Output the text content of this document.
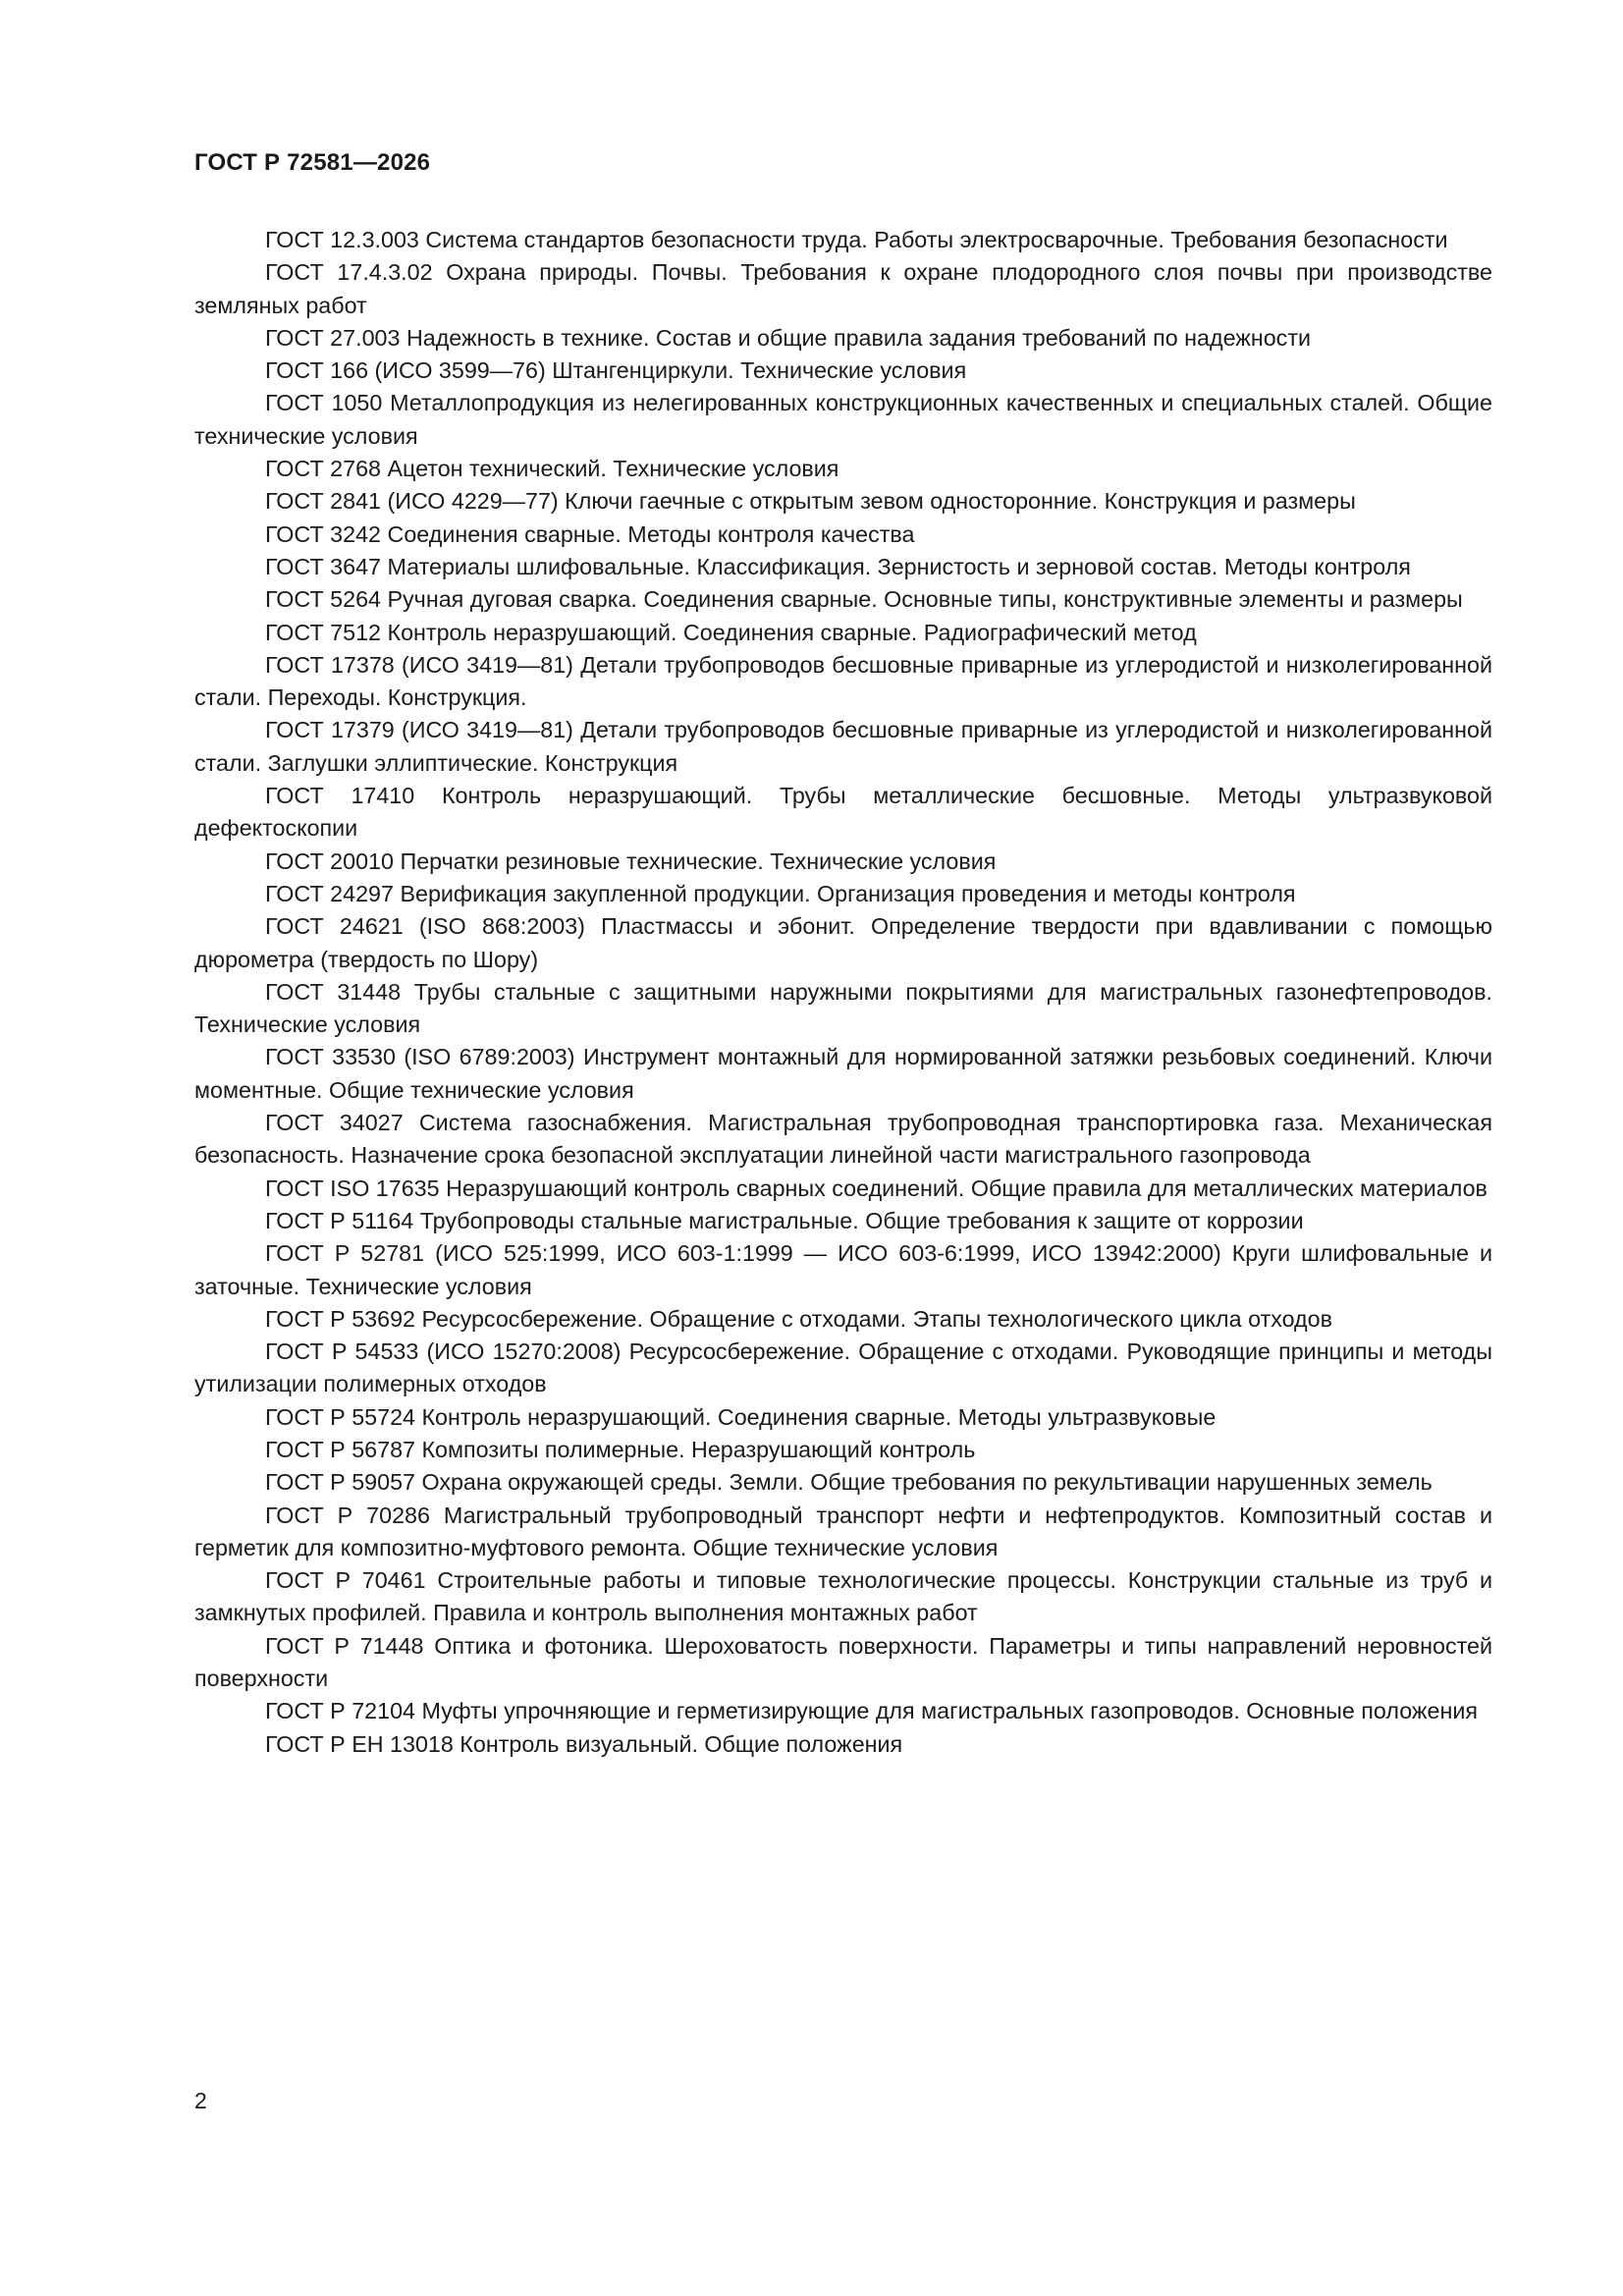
ГОСТ Р 72581—2026

ГОСТ 12.3.003 Система стандартов безопасности труда. Работы электросварочные. Требования безопасности

ГОСТ 17.4.3.02 Охрана природы. Почвы. Требования к охране плодородного слоя почвы при производстве земляных работ

ГОСТ 27.003 Надежность в технике. Состав и общие правила задания требований по надежности

ГОСТ 166 (ИСО 3599—76) Штангенциркули. Технические условия

ГОСТ 1050 Металлопродукция из нелегированных конструкционных качественных и специальных сталей. Общие технические условия

ГОСТ 2768 Ацетон технический. Технические условия

ГОСТ 2841 (ИСО 4229—77) Ключи гаечные с открытым зевом односторонние. Конструкция и размеры

ГОСТ 3242 Соединения сварные. Методы контроля качества

ГОСТ 3647 Материалы шлифовальные. Классификация. Зернистость и зерновой состав. Методы контроля

ГОСТ 5264 Ручная дуговая сварка. Соединения сварные. Основные типы, конструктивные элементы и размеры

ГОСТ 7512 Контроль неразрушающий. Соединения сварные. Радиографический метод

ГОСТ 17378 (ИСО 3419—81) Детали трубопроводов бесшовные приварные из углеродистой и низколегированной стали. Переходы. Конструкция.

ГОСТ 17379 (ИСО 3419—81) Детали трубопроводов бесшовные приварные из углеродистой и низколегированной стали. Заглушки эллиптические. Конструкция

ГОСТ 17410 Контроль неразрушающий. Трубы металлические бесшовные. Методы ультразвуковой дефектоскопии

ГОСТ 20010 Перчатки резиновые технические. Технические условия

ГОСТ 24297 Верификация закупленной продукции. Организация проведения и методы контроля

ГОСТ 24621 (ISO 868:2003) Пластмассы и эбонит. Определение твердости при вдавливании с помощью дюрометра (твердость по Шору)

ГОСТ 31448 Трубы стальные с защитными наружными покрытиями для магистральных газонефтепроводов. Технические условия

ГОСТ 33530 (ISO 6789:2003) Инструмент монтажный для нормированной затяжки резьбовых соединений. Ключи моментные. Общие технические условия

ГОСТ 34027 Система газоснабжения. Магистральная трубопроводная транспортировка газа. Механическая безопасность. Назначение срока безопасной эксплуатации линейной части магистрального газопровода

ГОСТ ISO 17635 Неразрушающий контроль сварных соединений. Общие правила для металлических материалов

ГОСТ Р 51164 Трубопроводы стальные магистральные. Общие требования к защите от коррозии

ГОСТ Р 52781 (ИСО 525:1999, ИСО 603-1:1999 — ИСО 603-6:1999, ИСО 13942:2000) Круги шлифовальные и заточные. Технические условия

ГОСТ Р 53692 Ресурсосбережение. Обращение с отходами. Этапы технологического цикла отходов

ГОСТ Р 54533 (ИСО 15270:2008) Ресурсосбережение. Обращение с отходами. Руководящие принципы и методы утилизации полимерных отходов

ГОСТ Р 55724 Контроль неразрушающий. Соединения сварные. Методы ультразвуковые

ГОСТ Р 56787 Композиты полимерные. Неразрушающий контроль

ГОСТ Р 59057 Охрана окружающей среды. Земли. Общие требования по рекультивации нарушенных земель

ГОСТ Р 70286 Магистральный трубопроводный транспорт нефти и нефтепродуктов. Композитный состав и герметик для композитно-муфтового ремонта. Общие технические условия

ГОСТ Р 70461 Строительные работы и типовые технологические процессы. Конструкции стальные из труб и замкнутых профилей. Правила и контроль выполнения монтажных работ

ГОСТ Р 71448 Оптика и фотоника. Шероховатость поверхности. Параметры и типы направлений неровностей поверхности

ГОСТ Р 72104 Муфты упрочняющие и герметизирующие для магистральных газопроводов. Основные положения

ГОСТ Р ЕН 13018 Контроль визуальный. Общие положения

2
